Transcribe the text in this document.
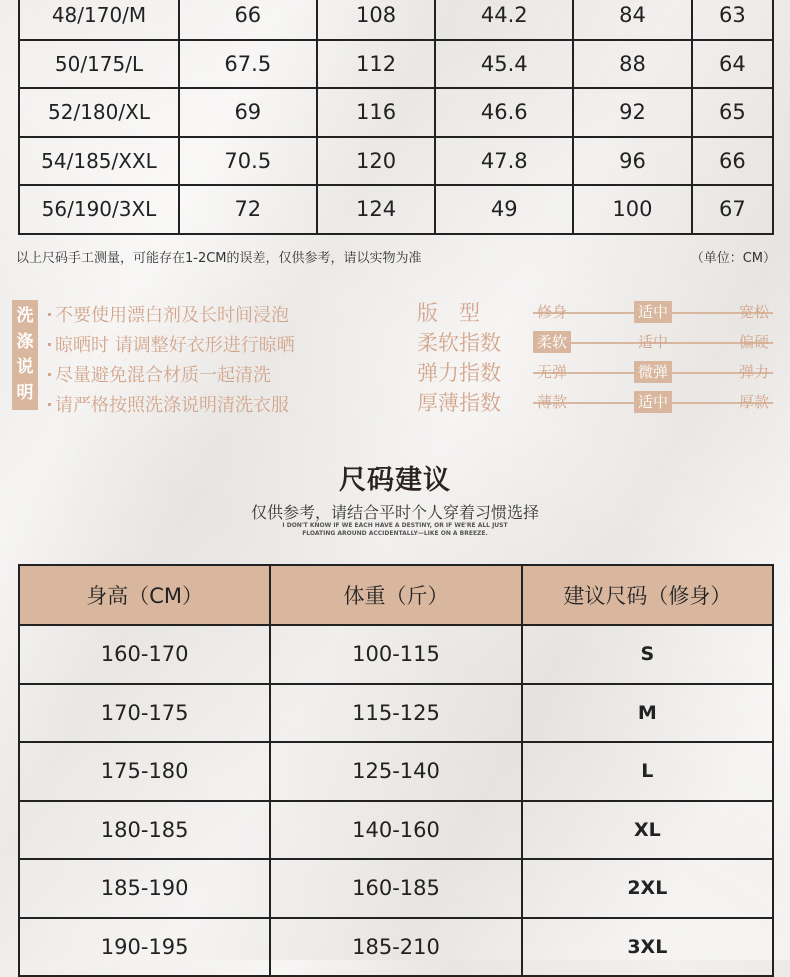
48/170/M	66	108	44.2	84	63
50/175/L	67.5	112	45.4	88	64
52/180/XL	69	116	46.6	92	65
54/185/XXL	70.5	120	47.8	96	66
56/190/3XL	72	124	49	100	67
以上尺码手工测量，可能存在1-2CM的误差，仅供参考，请以实物为准	（单位：CM）
洗
涤
说
明
不要使用漂白剂及长时间浸泡
晾晒时 请调整好衣形进行晾晒
尽量避免混合材质一起清洗
请严格按照洗涤说明清洗衣服
版　型	修身	适中	宽松
柔软指数	柔软	适中	偏硬
弹力指数	无弹	微弹	弹力
厚薄指数	薄款	适中	厚款
尺码建议
仅供参考，请结合平时个人穿着习惯选择
I DON'T KNOW IF WE EACH HAVE A DESTINY, OR IF WE'RE ALL JUST
FLOATING AROUND ACCIDENTALLY—LIKE ON A BREEZE.
身高（CM）	体重（斤）	建议尺码（修身）
160-170	100-115	S
170-175	115-125	M
175-180	125-140	L
180-185	140-160	XL
185-190	160-185	2XL
190-195	185-210	3XL
